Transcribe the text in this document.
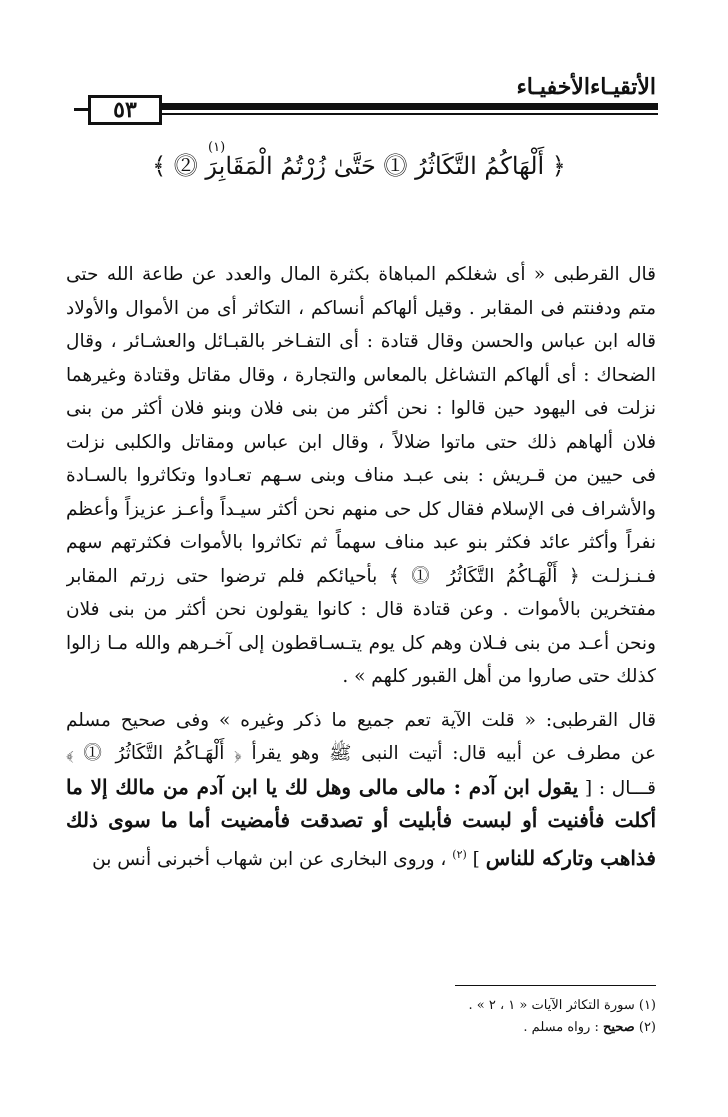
الأتقيـاءالأخفيـاء
٥٣
﴿ أَلْهَاكُمُ التَّكَاثُرُ ⓵ حَتَّىٰ زُرْتُمُ الْمَقَابِرَ ⓶ ﴾
(١)
قال القرطبى « أى شغلكم المباهاة بكثرة المال والعدد عن طاعة الله حتى
متم ودفنتم فى المقابر . وقيل ألهاكم أنساكم ، التكاثر أى من الأموال والأولاد
قاله ابن عباس والحسن وقال قتادة : أى التفـاخر بالقبـائل والعشـائر ، وقال
الضحاك : أى ألهاكم التشاغل بالمعاس والتجارة ، وقال مقاتل وقتادة وغيرهما
نزلت فى اليهود حين قالوا : نحن أكثر من بنى فلان وبنو فلان أكثر من بنى
فلان ألهاهم ذلك حتى ماتوا ضلالاً ، وقال ابن عباس ومقاتل والكلبى نزلت
فى حيين من قـريش : بنى عبـد مناف وبنى سـهم تعـادوا وتكاثروا بالسـادة
والأشراف فى الإسلام فقال كل حى منهم نحن أكثر سيـداً وأعـز عزيزاً وأعظم
نفراً وأكثر عائد فكثر بنو عبد مناف سهماً ثم تكاثروا بالأموات فكثرتهم سهم
فـنـزلـت ﴿ أَلْهَـاكُمُ التَّكَاثُرُ ⓵ ﴾ بأحيائكم فلم ترضوا حتى زرتم المقابر
مفتخرين بالأموات . وعن قتادة قال : كانوا يقولون نحن أكثر من بنى فلان
ونحن أعـد من بنى فـلان وهم كل يوم يتـسـاقطون إلى آخـرهم والله مـا زالوا
كذلك حتى صاروا من أهل القبور كلهم » .
قال القرطبى: « قلت الآية تعم جميع ما ذكر وغيره » وفى صحيح مسلم
عن مطرف عن أبيه قال: أتيت النبى ﷺ وهو يقرأ ﴿ أَلْهَـاكُمُ التَّكَاثُرُ ⓵ ﴾
قـــال : [ يقول ابن آدم : مالى مالى وهل لك يا ابن آدم من مالك إلا ما
أكلت فأفنيت أو لبست فأبليت أو تصدقت فأمضيت أما ما سوى ذلك
فذاهب وتاركه للناس ] $^{(٢)}$ ، وروى البخارى عن ابن شهاب أخبرنى أنس بن
(١) سورة التكاثر الآيات « ١ ، ٢ » .
(٢) صحيح : رواه مسلم .
